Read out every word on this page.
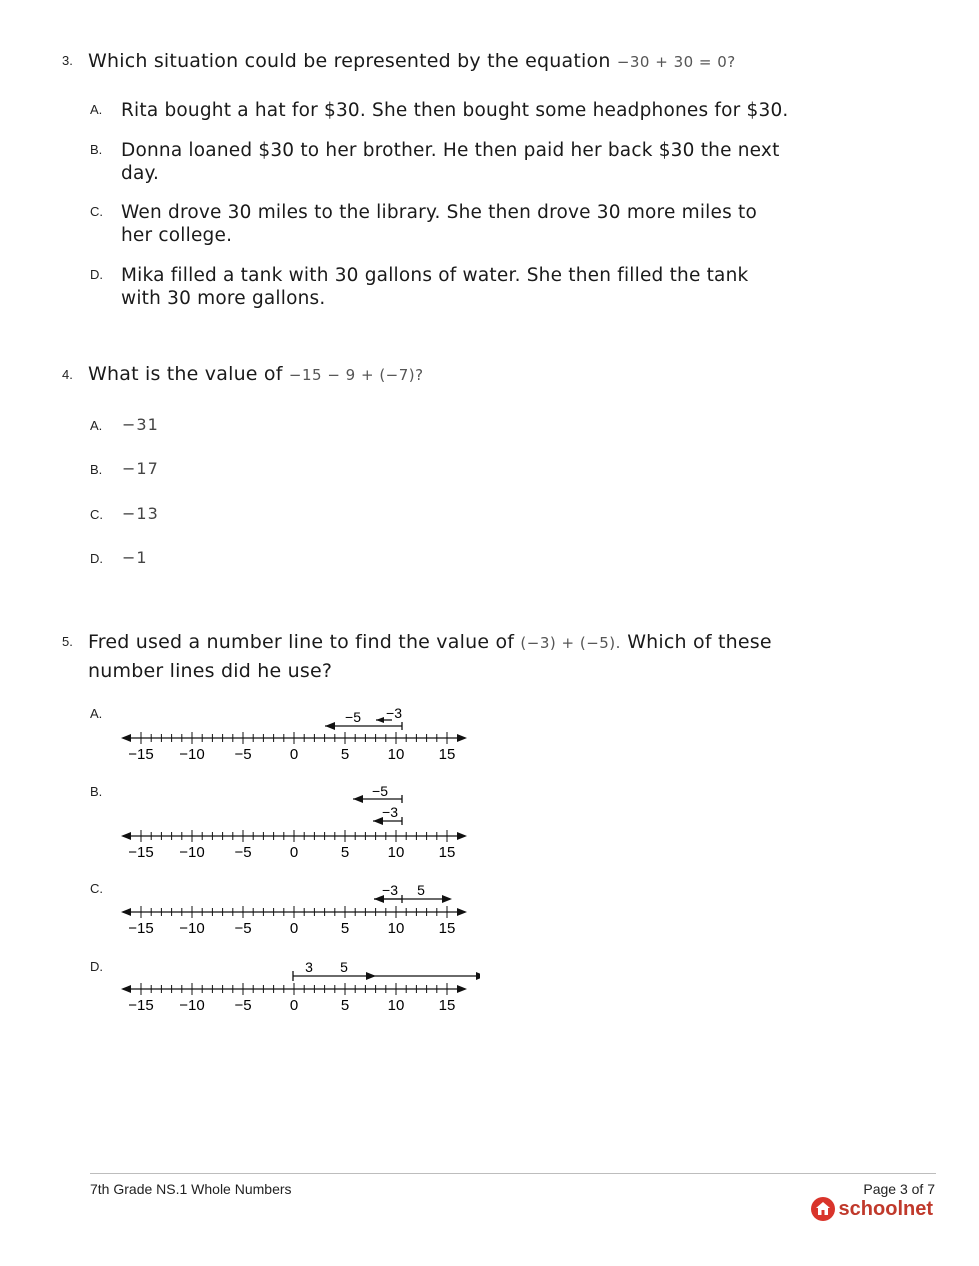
3. Which situation could be represented by the equation −30 + 30 = 0?
A. Rita bought a hat for $30. She then bought some headphones for $30.
B. Donna loaned $30 to her brother. He then paid her back $30 the next
day.
C. Wen drove 30 miles to the library. She then drove 30 more miles to
her college.
D. Mika filled a tank with 30 gallons of water. She then filled the tank
with 30 more gallons.
4. What is the value of −15 − 9 + (−7)?
A. −31
B. −17
C. −13
D. −1
5. Fred used a number line to find the value of (−3) + (−5). Which of these
number lines did he use?
A.
−15 −10 −5	0	5	10 15
−5 −3
B.
−15 −10 −5	0	5	10 15
−5
−3
C.
−15 −10 −5	0	5	10 15
−3 5
D.
−15 −10 −5	0	5	10 15
3 5
7th Grade NS.1 Whole Numbers	Page 3 of 7
schoolnet
